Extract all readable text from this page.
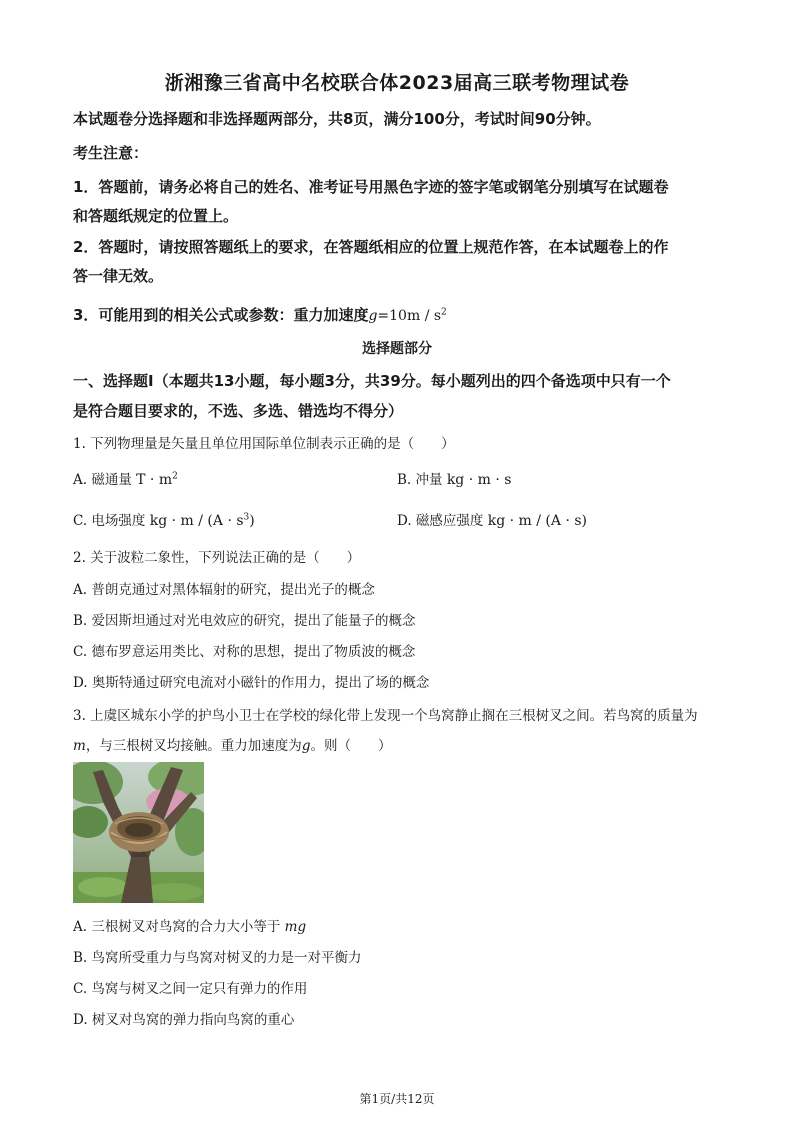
浙湘豫三省高中名校联合体2023届高三联考物理试卷
本试题卷分选择题和非选择题两部分，共8页，满分100分，考试时间90分钟。
考生注意：
1．答题前，请务必将自己的姓名、准考证号用黑色字迹的签字笔或钢笔分别填写在试题卷
和答题纸规定的位置上。
2．答题时，请按照答题纸上的要求，在答题纸相应的位置上规范作答，在本试题卷上的作
答一律无效。
3．可能用到的相关公式或参数：重力加速度$g=10m / s^2$
选择题部分
一、选择题Ⅰ（本题共13小题，每小题3分，共39分。每小题列出的四个备选项中只有一个
是符合题目要求的，不选、多选、错选均不得分）
1. 下列物理量是矢量且单位用国际单位制表示正确的是（　　）
A. 磁通量 $T \cdot m^2$	B. 冲量 kg · m · s
C. 电场强度 kg · $m / (A \cdot s^3)$	D. 磁感应强度 kg · m / (A · s)
2. 关于波粒二象性，下列说法正确的是（　　）
A. 普朗克通过对黑体辐射的研究，提出光子的概念
B. 爱因斯坦通过对光电效应的研究，提出了能量子的概念
C. 德布罗意运用类比、对称的思想，提出了物质波的概念
D. 奥斯特通过研究电流对小磁针的作用力，提出了场的概念
3. 上虞区城东小学的护鸟小卫士在学校的绿化带上发现一个鸟窝静止搁在三根树叉之间。若鸟窝的质量为
m，与三根树叉均接触。重力加速度为g。则（　　）
A. 三根树叉对鸟窝的合力大小等于 mg
B. 鸟窝所受重力与鸟窝对树叉的力是一对平衡力
C. 鸟窝与树叉之间一定只有弹力的作用
D. 树叉对鸟窝的弹力指向鸟窝的重心
第1页/共12页
